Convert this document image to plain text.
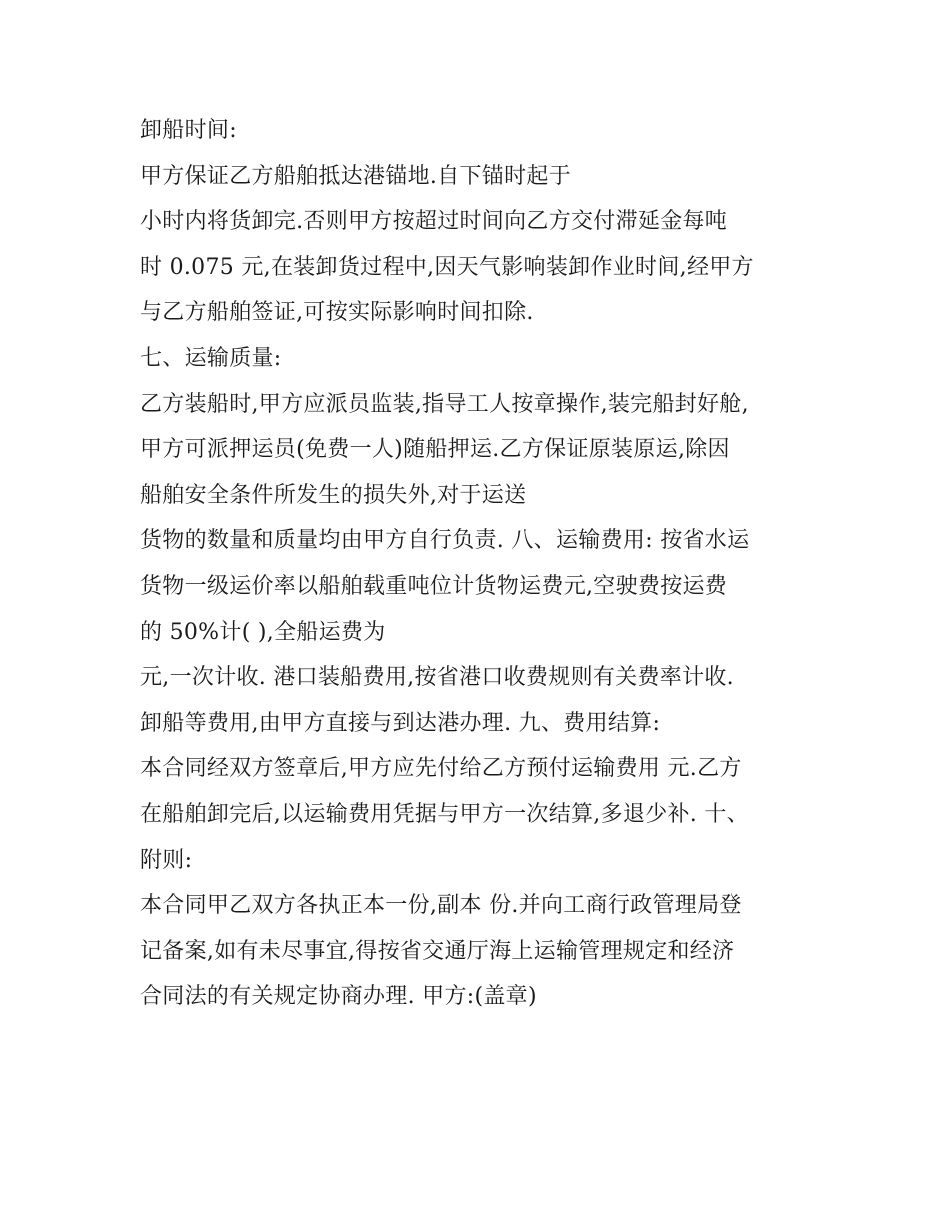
卸船时间:
甲方保证乙方船舶抵达港锚地.自下锚时起于
小时内将货卸完.否则甲方按超过时间向乙方交付滞延金每吨
时 0.075 元,在装卸货过程中,因天气影响装卸作业时间,经甲方
与乙方船舶签证,可按实际影响时间扣除.
七、运输质量:
乙方装船时,甲方应派员监装,指导工人按章操作,装完船封好舱,
甲方可派押运员(免费一人)随船押运.乙方保证原装原运,除因
船舶安全条件所发生的损失外,对于运送
货物的数量和质量均由甲方自行负责. 八、运输费用: 按省水运
货物一级运价率以船舶载重吨位计货物运费元,空驶费按运费
的 50%计( ),全船运费为
元,一次计收. 港口装船费用,按省港口收费规则有关费率计收.
卸船等费用,由甲方直接与到达港办理. 九、费用结算:
本合同经双方签章后,甲方应先付给乙方预付运输费用 元.乙方
在船舶卸完后,以运输费用凭据与甲方一次结算,多退少补. 十、
附则:
本合同甲乙双方各执正本一份,副本 份.并向工商行政管理局登
记备案,如有未尽事宜,得按省交通厅海上运输管理规定和经济
合同法的有关规定协商办理. 甲方:(盖章)
